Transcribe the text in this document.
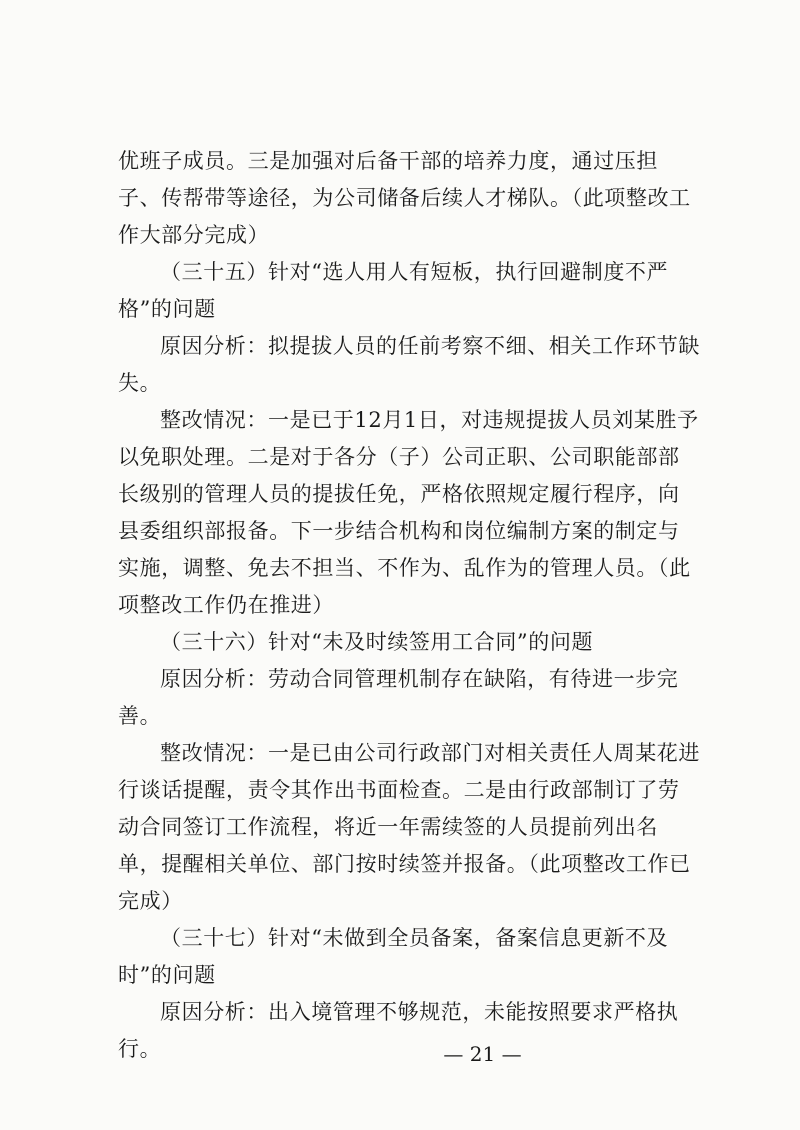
优班子成员。三是加强对后备干部的培养力度，通过压担子、传帮带等途径，为公司储备后续人才梯队。（此项整改工作大部分完成）

（三十五）针对“选人用人有短板，执行回避制度不严格”的问题

原因分析：拟提拔人员的任前考察不细、相关工作环节缺失。

整改情况：一是已于12月1日，对违规提拔人员刘某胜予以免职处理。二是对于各分（子）公司正职、公司职能部部长级别的管理人员的提拔任免，严格依照规定履行程序，向县委组织部报备。下一步结合机构和岗位编制方案的制定与实施，调整、免去不担当、不作为、乱作为的管理人员。（此项整改工作仍在推进）

（三十六）针对“未及时续签用工合同”的问题

原因分析：劳动合同管理机制存在缺陷，有待进一步完善。

整改情况：一是已由公司行政部门对相关责任人周某花进行谈话提醒，责令其作出书面检查。二是由行政部制订了劳动合同签订工作流程，将近一年需续签的人员提前列出名单，提醒相关单位、部门按时续签并报备。（此项整改工作已完成）

（三十七）针对“未做到全员备案，备案信息更新不及时”的问题

原因分析：出入境管理不够规范，未能按照要求严格执行。	— 21 —
